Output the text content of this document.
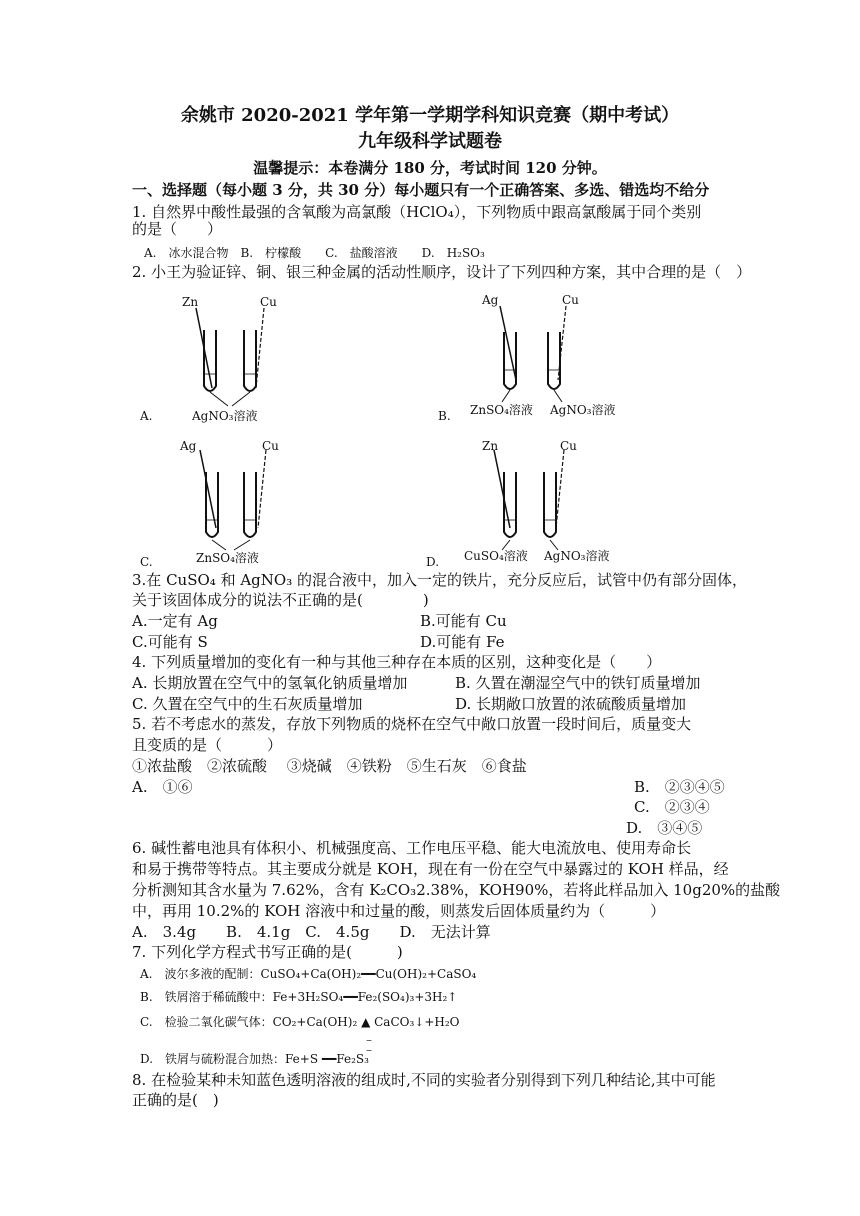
余姚市 2020-2021 学年第一学期学科知识竞赛（期中考试）
九年级科学试题卷
温馨提示：本卷满分 180 分，考试时间 120 分钟。
一、选择题（每小题 3 分，共 30 分）每小题只有一个正确答案、多选、错选均不给分
1. 自然界中酸性最强的含氧酸为高氯酸（HClO₄），下列物质中跟高氯酸属于同个类别
的是（　　）
A.　冰水混合物　B.　柠檬酸　　C.　盐酸溶液　　D.　H₂SO₃
2. 小王为验证锌、铜、银三种金属的活动性顺序，设计了下列四种方案，其中合理的是（　）
Zn	Cu
A.	AgNO₃溶液
Ag	Cu
B. ZnSO₄溶液 AgNO₃溶液
Ag	Cu
C.	ZnSO₄溶液
Zn	Cu
D. CuSO₄溶液 AgNO₃溶液
3.在 CuSO₄ 和 AgNO₃ 的混合液中，加入一定的铁片，充分反应后，试管中仍有部分固体，
关于该固体成分的说法不正确的是(　　　　)
A.一定有 Ag	B.可能有 Cu
C.可能有 S	D.可能有 Fe
4. 下列质量增加的变化有一种与其他三种存在本质的区别，这种变化是（　　）
A. 长期放置在空气中的氢氧化钠质量增加	B. 久置在潮湿空气中的铁钉质量增加
C. 久置在空气中的生石灰质量增加	D. 长期敞口放置的浓硫酸质量增加
5. 若不考虑水的蒸发，存放下列物质的烧杯在空气中敞口放置一段时间后，质量变大
且变质的是（　　　）
①浓盐酸　②浓硫酸　 ③烧碱　④铁粉　⑤生石灰　⑥食盐
A.　①⑥	B.　②③④⑤
C.　②③④
D.　③④⑤
6. 碱性蓄电池具有体积小、机械强度高、工作电压平稳、能大电流放电、使用寿命长
和易于携带等特点。其主要成分就是 KOH，现在有一份在空气中暴露过的 KOH 样品，经
分析测知其含水量为 7.62%，含有 K₂CO₃2.38%，KOH90%，若将此样品加入 10g20%的盐酸
中，再用 10.2%的 KOH 溶液中和过量的酸，则蒸发后固体质量约为（　　　）
A.　3.4g　　B.　4.1g　C.　4.5g　　D.　无法计算
7. 下列化学方程式书写正确的是(　　　)
A.　波尔多液的配制：CuSO₄+Ca(OH)₂━━Cu(OH)₂+CaSO₄
B.　铁屑溶于稀硫酸中：Fe+3H₂SO₄━━Fe₂(SO₄)₃+3H₂↑
C.　检验二氧化碳气体：CO₂+Ca(OH)₂ ▲ CaCO₃↓+H₂O
–
–
D.　铁屑与硫粉混合加热：Fe+S ━━Fe₂S₃
8. 在检验某种未知蓝色透明溶液的组成时,不同的实验者分别得到下列几种结论,其中可能
正确的是(　)
